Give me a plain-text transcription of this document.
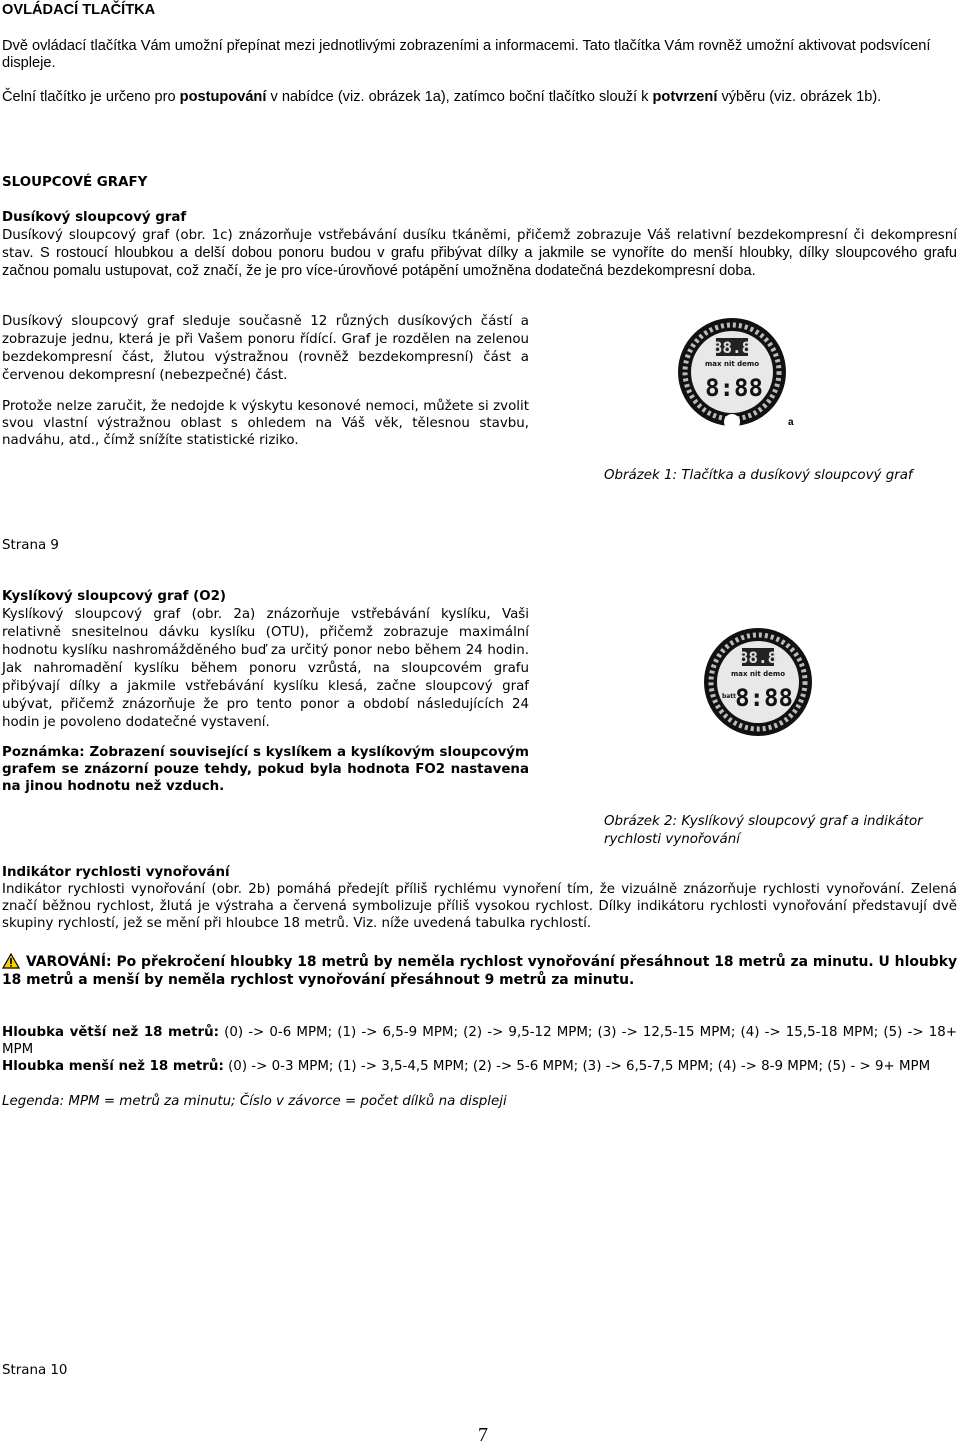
OVLÁDACÍ TLAČÍTKA

Dvě ovládací tlačítka Vám umožní přepínat mezi jednotlivými zobrazeními a informacemi. Tato tlačítka Vám rovněž umožní aktivovat podsvícení displeje.

Čelní tlačítko je určeno pro postupování v nabídce (viz. obrázek 1a), zatímco boční tlačítko slouží k potvrzení výběru (viz. obrázek 1b).

SLOUPCOVÉ GRAFY
Dusíkový sloupcový graf

Dusíkový sloupcový graf (obr. 1c) znázorňuje vstřebávání dusíku tkáněmi, přičemž zobrazuje Váš relativní bezdekompresní či dekompresní stav. S rostoucí hloubkou a delší dobou ponoru budou v grafu přibývat dílky a jakmile se vynoříte do menší hloubky, dílky sloupcového grafu začnou pomalu ustupovat, což značí, že je pro více-úrovňové potápění umožněna dodatečná bezdekompresní doba.

Dusíkový sloupcový graf sleduje současně 12 různých dusíkových částí a zobrazuje jednu, která je při Vašem ponoru řídící. Graf je rozdělen na zelenou bezdekompresní část, žlutou výstražnou (rovněž bezdekompresní) část a červenou dekompresní (nebezpečné) část.

Protože nelze zaručit, že nedojde k výskytu kesonové nemoci, můžete si zvolit svou vlastní výstražnou oblast s ohledem na Váš věk, tělesnou stavbu, nadváhu, atd., čímž snížíte statistické riziko.

88.8
max nit demo
8:88
a
Obrázek 1: Tlačítka a dusíkový sloupcový graf
Strana 9
Kyslíkový sloupcový graf (O2)

Kyslíkový sloupcový graf (obr. 2a) znázorňuje vstřebávání kyslíku, Vaši relativně snesitelnou dávku kyslíku (OTU), přičemž zobrazuje maximální hodnotu kyslíku nashromážděného buď za určitý ponor nebo během 24 hodin. Jak nahromadění kyslíku během ponoru vzrůstá, na sloupcovém grafu přibývají dílky a jakmile vstřebávání kyslíku klesá, začne sloupcový graf ubývat, přičemž znázorňuje že pro tento ponor a období následujících 24 hodin je povoleno dodatečné vystavení.

Poznámka: Zobrazení související s kyslíkem a kyslíkovým sloupcovým grafem se znázorní pouze tehdy, pokud byla hodnota FO2 nastavena na jinou hodnotu než vzduch.

88.8
max nit demo
batt 8:88
Obrázek 2: Kyslíkový sloupcový graf a indikátor
rychlosti vynořování
Indikátor rychlosti vynořování

Indikátor rychlosti vynořování (obr. 2b) pomáhá předejít příliš rychlému vynoření tím, že vizuálně znázorňuje rychlosti vynořování. Zelená značí běžnou rychlost, žlutá je výstraha a červená symbolizuje příliš vysokou rychlost. Dílky indikátoru rychlosti vynořování představují dvě skupiny rychlostí, jež se mění při hloubce 18 metrů. Viz. níže uvedená tabulka rychlostí.

VAROVÁNÍ: Po překročení hloubky 18 metrů by neměla rychlost vynořování přesáhnout 18 metrů za minutu. U hloubky 18 metrů a menší by neměla rychlost vynořování přesáhnout 9 metrů za minutu.

Hloubka větší než 18 metrů: (0) -> 0-6 MPM; (1) -> 6,5-9 MPM; (2) -> 9,5-12 MPM; (3) -> 12,5-15 MPM; (4) -> 15,5-18 MPM; (5) -> 18+ MPM

Hloubka menší než 18 metrů: (0) -> 0-3 MPM; (1) -> 3,5-4,5 MPM; (2) -> 5-6 MPM; (3) -> 6,5-7,5 MPM; (4) -> 8-9 MPM; (5) - > 9+ MPM

Legenda: MPM = metrů za minutu; Číslo v závorce = počet dílků na displeji

Strana 10
7
